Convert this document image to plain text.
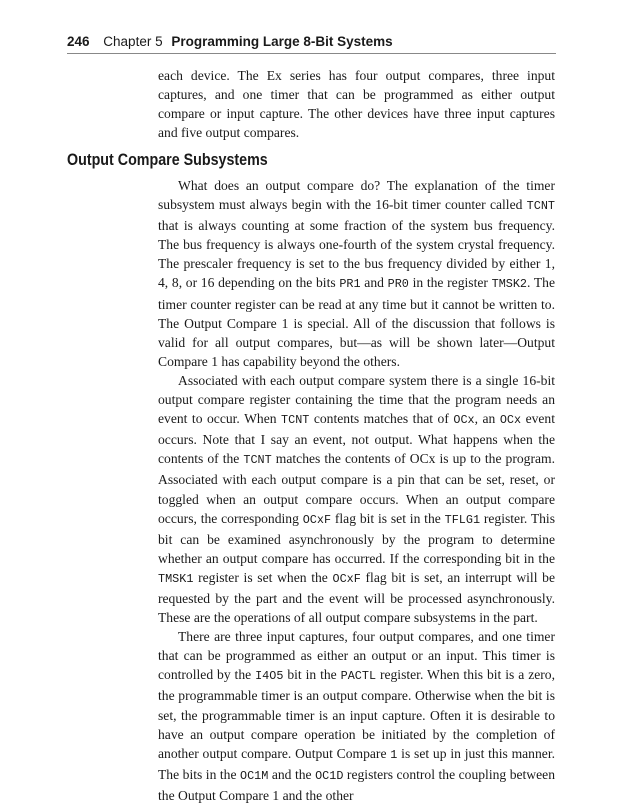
246 Chapter 5 Programming Large 8-Bit Systems
each device. The Ex series has four output compares, three input captures, and one timer that can be programmed as either output compare or input capture. The other devices have three input captures and five output compares.
Output Compare Subsystems

What does an output compare do? The explanation of the timer subsystem must always begin with the 16-bit timer counter called TCNT that is always counting at some fraction of the system bus frequency. The bus frequency is always one-fourth of the system crystal frequency. The prescaler frequency is set to the bus frequency divided by either 1, 4, 8, or 16 depending on the bits PR1 and PR0 in the register TMSK2. The timer counter register can be read at any time but it cannot be written to. The Output Compare 1 is special. All of the discussion that follows is valid for all output compares, but—as will be shown later—Output Compare 1 has capability beyond the others.

Associated with each output compare system there is a single 16-bit output compare register containing the time that the program needs an event to occur. When TCNT contents matches that of OCx, an OCx event occurs. Note that I say an event, not output. What happens when the contents of the TCNT matches the contents of OCx is up to the program. Associated with each output compare is a pin that can be set, reset, or toggled when an output compare occurs. When an output compare occurs, the corresponding OCxF flag bit is set in the TFLG1 register. This bit can be examined asynchronously by the program to determine whether an output compare has occurred. If the corresponding bit in the TMSK1 register is set when the OCxF flag bit is set, an interrupt will be requested by the part and the event will be processed asynchronously. These are the operations of all output compare subsystems in the part.

There are three input captures, four output compares, and one timer that can be programmed as either an output or an input. This timer is controlled by the I4O5 bit in the PACTL register. When this bit is a zero, the programmable timer is an output compare. Otherwise when the bit is set, the programmable timer is an input capture. Often it is desirable to have an output compare operation be initiated by the completion of another output compare. Output Compare 1 is set up in just this manner. The bits in the OC1M and the OC1D registers control the coupling between the Output Compare 1 and the other
